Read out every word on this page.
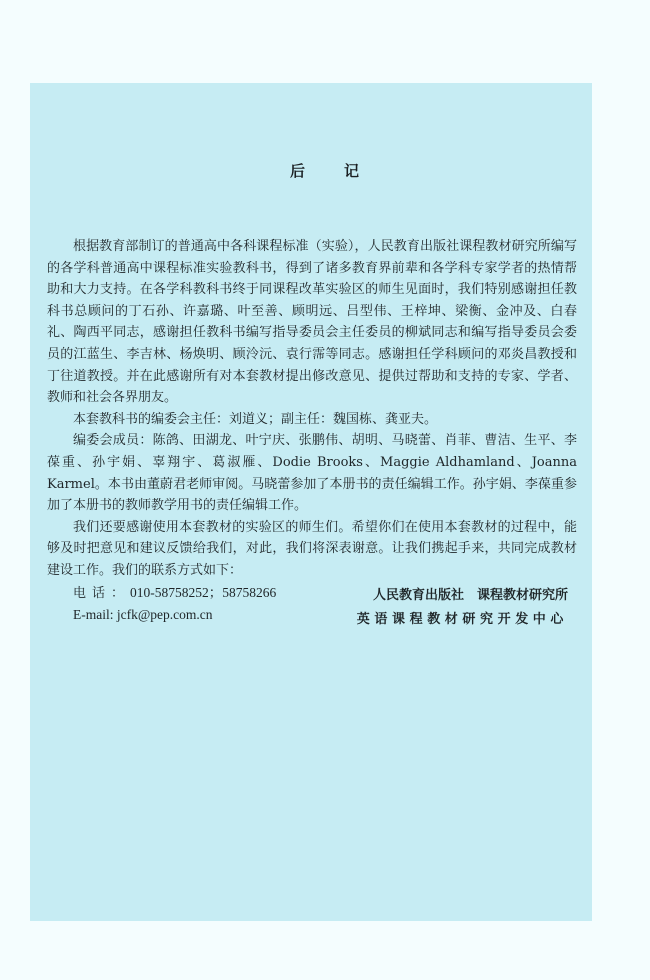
后	记

根据教育部制订的普通高中各科课程标准（实验），人民教育出版社课程教材研究所编写的各学科普通高中课程标准实验教科书，得到了诸多教育界前辈和各学科专家学者的热情帮助和大力支持。在各学科教科书终于同课程改革实验区的师生见面时，我们特别感谢担任教科书总顾问的丁石孙、许嘉璐、叶至善、顾明远、吕型伟、王梓坤、梁衡、金冲及、白春礼、陶西平同志，感谢担任教科书编写指导委员会主任委员的柳斌同志和编写指导委员会委员的江蓝生、李吉林、杨焕明、顾泠沅、袁行霈等同志。感谢担任学科顾问的邓炎昌教授和丁往道教授。并在此感谢所有对本套教材提出修改意见、提供过帮助和支持的专家、学者、教师和社会各界朋友。

本套教科书的编委会主任：刘道义；副主任：魏国栋、龚亚夫。

编委会成员：陈鸽、田湖龙、叶宁庆、张鹏伟、胡明、马晓蕾、肖菲、曹洁、生平、李葆重、孙宇娟、辜翔宇、葛淑雁、Dodie Brooks、Maggie Aldhamland、Joanna Karmel。本书由董蔚君老师审阅。马晓蕾参加了本册书的责任编辑工作。孙宇娟、李葆重参加了本册书的教师教学用书的责任编辑工作。

我们还要感谢使用本套教材的实验区的师生们。希望你们在使用本套教材的过程中，能够及时把意见和建议反馈给我们，对此，我们将深表谢意。让我们携起手来，共同完成教材建设工作。我们的联系方式如下：

电话：010-58758252；58758266
E-mail: jcfk@pep.com.cn
人民教育出版社　课程教材研究所
英语课程教材研究开发中心
